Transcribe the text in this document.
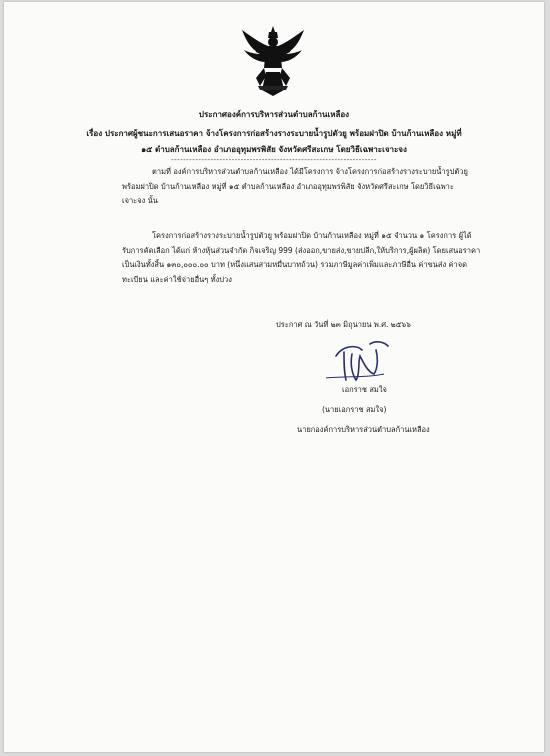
ประกาศองค์การบริหารส่วนตำบลก้านเหลือง
เรื่อง ประกาศผู้ชนะการเสนอราคา จ้างโครงการก่อสร้างรางระบายน้ำรูปตัวยู พร้อมฝาปิด บ้านก้านเหลือง หมู่ที่
๑๕ ตำบลก้านเหลือง อำเภออุทุมพรพิสัย จังหวัดศรีสะเกษ โดยวิธีเฉพาะเจาะจง
--------------------------------------------------------------------
ตามที่ องค์การบริหารส่วนตำบลก้านเหลือง ได้มีโครงการ จ้างโครงการก่อสร้างรางระบายน้ำรูปตัวยู
พร้อมฝาปิด บ้านก้านเหลือง หมู่ที่ ๑๕ ตำบลก้านเหลือง อำเภออุทุมพรพิสัย จังหวัดศรีสะเกษ โดยวิธีเฉพาะ
เจาะจง นั้น
โครงการก่อสร้างรางระบายน้ำรูปตัวยู พร้อมฝาปิด บ้านก้านเหลือง หมู่ที่ ๑๕ จำนวน ๑ โครงการ ผู้ได้
รับการคัดเลือก ได้แก่ ห้างหุ้นส่วนจำกัด กิจเจริญ 999 (ส่งออก,ขายส่ง,ขายปลีก,ให้บริการ,ผู้ผลิต) โดยเสนอราคา
เป็นเงินทั้งสิ้น ๑๓๐,๐๐๐.๐๐ บาท (หนึ่งแสนสามหมื่นบาทถ้วน) รวมภาษีมูลค่าเพิ่มและภาษีอื่น ค่าขนส่ง ค่าจด
ทะเบียน และค่าใช้จ่ายอื่นๆ ทั้งปวง
ประกาศ ณ วันที่ ๒๓ มิถุนายน พ.ศ. ๒๕๖๖
เอกราช สมใจ
(นายเอกราช สมใจ)
นายกองค์การบริหารส่วนตำบลก้านเหลือง
